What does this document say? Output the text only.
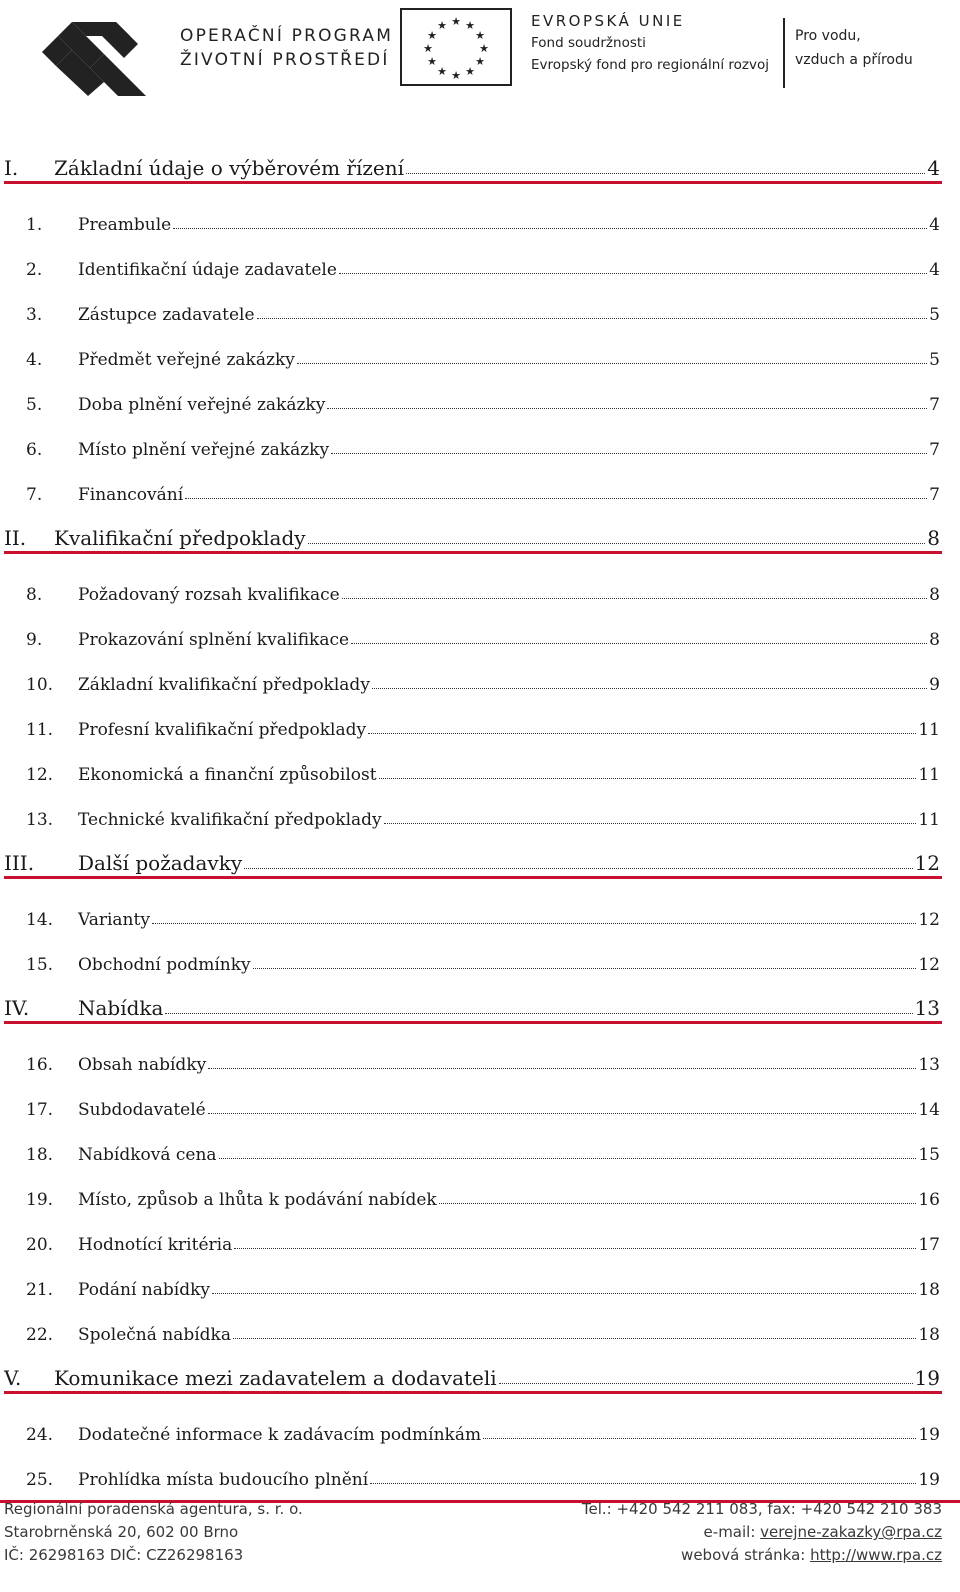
OPERAČNÍ PROGRAM
ŽIVOTNÍ PROSTŘEDÍ
★ ★
★
★
★
★
★
★
★
★
★
★	EVROPSKÁ UNIE
Fond soudržnosti
Evropský fond pro regionální rozvoj
Pro vodu,
vzduch a přírodu
I.	Základní údaje o výběrovém řízení	4
1.	Preambule	4
2.	Identifikační údaje zadavatele	4
3.	Zástupce zadavatele	5
4.	Předmět veřejné zakázky	5
5.	Doba plnění veřejné zakázky	7
6.	Místo plnění veřejné zakázky	7
7.	Financování	7
II.	Kvalifikační předpoklady	8
8.	Požadovaný rozsah kvalifikace	8
9.	Prokazování splnění kvalifikace	8
10.	Základní kvalifikační předpoklady	9
11.	Profesní kvalifikační předpoklady	11
12.	Ekonomická a finanční způsobilost	11
13.	Technické kvalifikační předpoklady	11
III.	Další požadavky	12
14.	Varianty	12
15.	Obchodní podmínky	12
IV.	Nabídka	13
16.	Obsah nabídky	13
17.	Subdodavatelé	14
18.	Nabídková cena	15
19.	Místo, způsob a lhůta k podávání nabídek	16
20.	Hodnotící kritéria	17
21.	Podání nabídky	18
22.	Společná nabídka	18
V.	Komunikace mezi zadavatelem a dodavateli	19
24.	Dodatečné informace k zadávacím podmínkám	19
25.	Prohlídka místa budoucího plnění	19
Regionální poradenská agentura, s. r. o.	Tel.: +420 542 211 083, fax: +420 542 210 383
Starobrněnská 20, 602 00 Brno	e-mail: verejne-zakazky@rpa.cz
IČ: 26298163 DIČ: CZ26298163	webová stránka: http://www.rpa.cz
